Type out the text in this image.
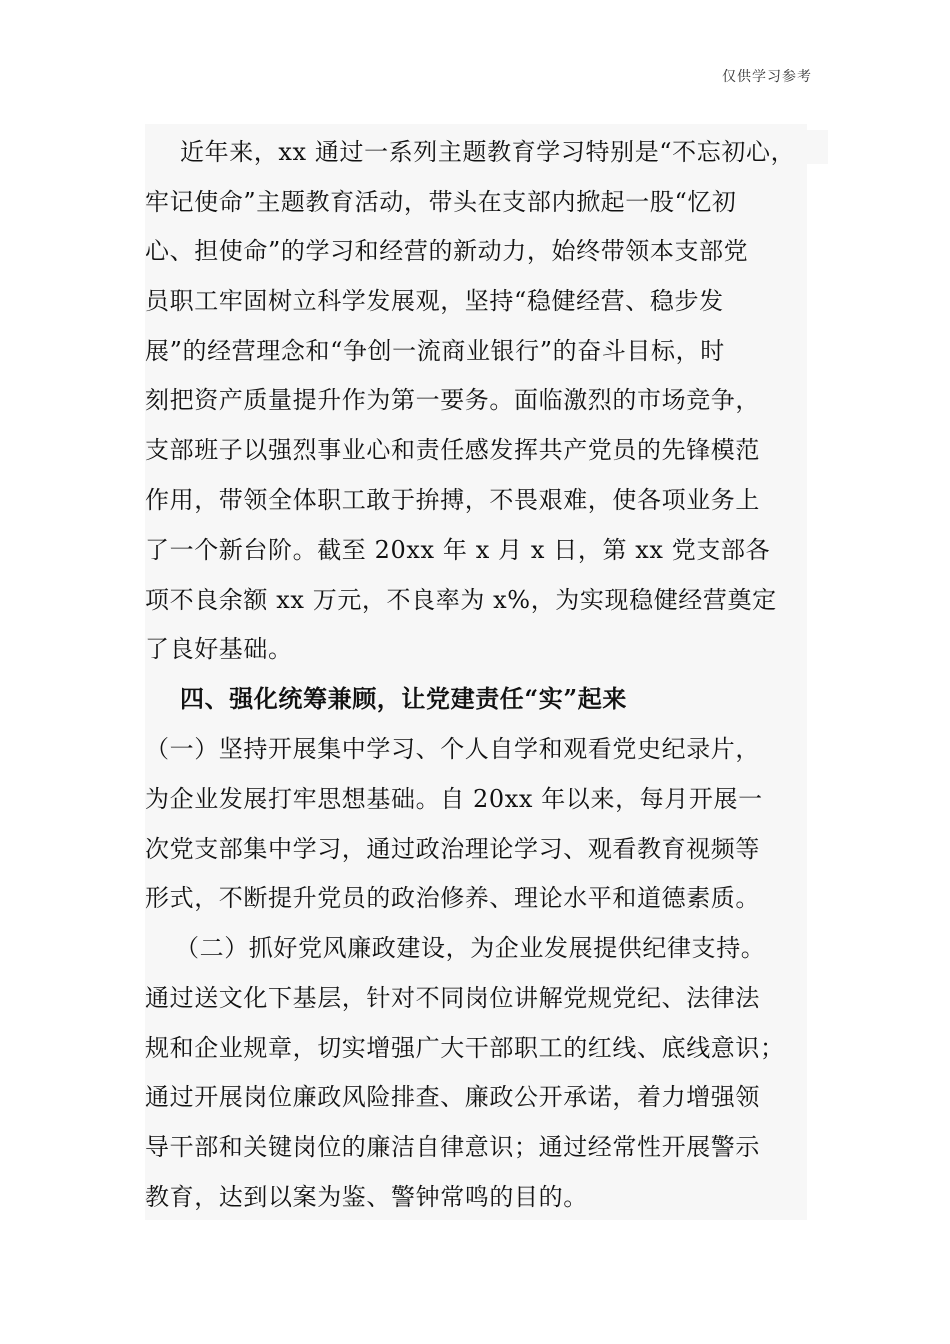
仅供学习参考
近年来，xx 通过一系列主题教育学习特别是“不忘初心，
牢记使命”主题教育活动，带头在支部内掀起一股“忆初
心、担使命”的学习和经营的新动力，始终带领本支部党
员职工牢固树立科学发展观，坚持“稳健经营、稳步发
展”的经营理念和“争创一流商业银行”的奋斗目标，时
刻把资产质量提升作为第一要务。面临激烈的市场竞争，
支部班子以强烈事业心和责任感发挥共产党员的先锋模范
作用，带领全体职工敢于拚搏，不畏艰难，使各项业务上
了一个新台阶。截至 20xx 年 x 月 x 日，第 xx 党支部各
项不良余额 xx 万元，不良率为 x%，为实现稳健经营奠定
了良好基础。
四、强化统筹兼顾，让党建责任“实”起来
（一）坚持开展集中学习、个人自学和观看党史纪录片，
为企业发展打牢思想基础。自 20xx 年以来，每月开展一
次党支部集中学习，通过政治理论学习、观看教育视频等
形式，不断提升党员的政治修养、理论水平和道德素质。
（二）抓好党风廉政建设，为企业发展提供纪律支持。
通过送文化下基层，针对不同岗位讲解党规党纪、法律法
规和企业规章，切实增强广大干部职工的红线、底线意识；
通过开展岗位廉政风险排查、廉政公开承诺，着力增强领
导干部和关键岗位的廉洁自律意识；通过经常性开展警示
教育，达到以案为鉴、警钟常鸣的目的。
